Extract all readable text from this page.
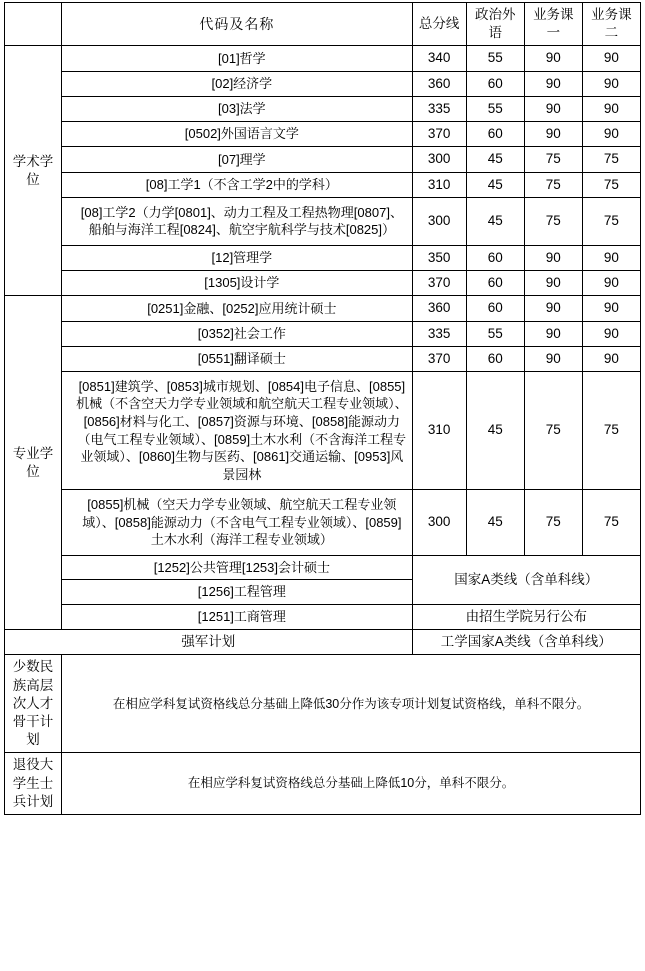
	代码及名称	总分线	政治外语	业务课一	业务课二
学术学位	[01]哲学	340	55	90	90
	[02]经济学	360	60	90	90
	[03]法学	335	55	90	90
	[0502]外国语言文学	370	60	90	90
	[07]理学	300	45	75	75
	[08]工学1（不含工学2中的学科）	310	45	75	75
	[08]工学2（力学[0801]、动力工程及工程热物理[0807]、船舶与海洋工程[0824]、航空宇航科学与技术[0825]）	300	45	75	75
	[12]管理学	350	60	90	90
	[1305]设计学	370	60	90	90
专业学位	[0251]金融、[0252]应用统计硕士	360	60	90	90
	[0352]社会工作	335	55	90	90
	[0551]翻译硕士	370	60	90	90
	[0851]建筑学、[0853]城市规划、[0854]电子信息、[0855]机械（不含空天力学专业领域和航空航天工程专业领域）、[0856]材料与化工、[0857]资源与环境、[0858]能源动力（电气工程专业领域）、[0859]土木水利（不含海洋工程专业领域）、[0860]生物与医药、[0861]交通运输、[0953]风景园林	310	45	75	75
	[0855]机械（空天力学专业领域、航空航天工程专业领域）、[0858]能源动力（不含电气工程专业领域）、[0859]土木水利（海洋工程专业领域）	300	45	75	75
	[1252]公共管理[1253]会计硕士	国家A类线（含单科线）			
	[1256]工程管理				
	[1251]工商管理	由招生学院另行公布			
强军计划		工学国家A类线（含单科线）			
少数民族高层次人才骨干计划	在相应学科复试资格线总分基础上降低30分作为该专项计划复试资格线，单科不限分。				
退役大学生士兵计划	在相应学科复试资格线总分基础上降低10分，单科不限分。				
